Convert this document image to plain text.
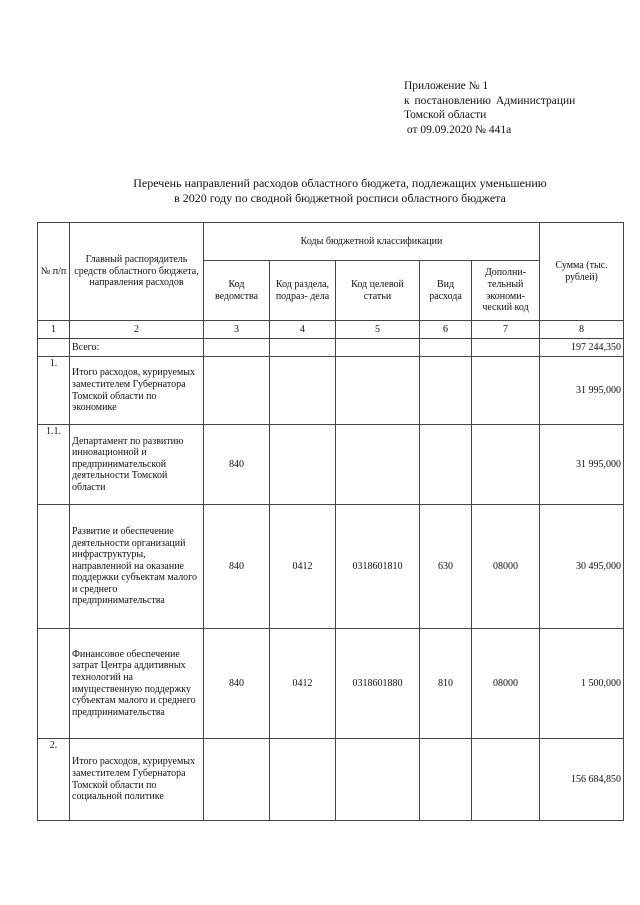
Приложение № 1
к постановлению Администрации
Томской области
от 09.09.2020 № 441а
Перечень направлений расходов областного бюджета, подлежащих уменьшению
в 2020 году по сводной бюджетной росписи областного бюджета
№ п/п	Главный распорядитель средств областного бюджета, направления расходов	Коды бюджетной классификации					Сумма (тыс. рублей)
		Код ведомства	Код раздела, подраз- дела	Код целевой статьи	Вид расхода	Дополни- тельный экономи- ческий код	
1	2	3	4	5	6	7	8
	Всего:						197 244,350
1.	Итого расходов, курируемых заместителем Губернатора Томской области по экономике						31 995,000
1.1.	Департамент по развитию инновационной и предпринимательской деятельности Томской области	840					31 995,000
	Развитие и обеспечение деятельности организаций инфраструктуры, направленной на оказание поддержки субъектам малого и среднего предпринимательства	840	0412	0318601810	630	08000	30 495,000
	Финансовое обеспечение затрат Центра аддитивных технологий на имущественную поддержку субъектам малого и среднего предпринимательства	840	0412	0318601880	810	08000	1 500,000
2.	Итого расходов, курируемых заместителем Губернатора Томской области по социальной политике						156 684,850
